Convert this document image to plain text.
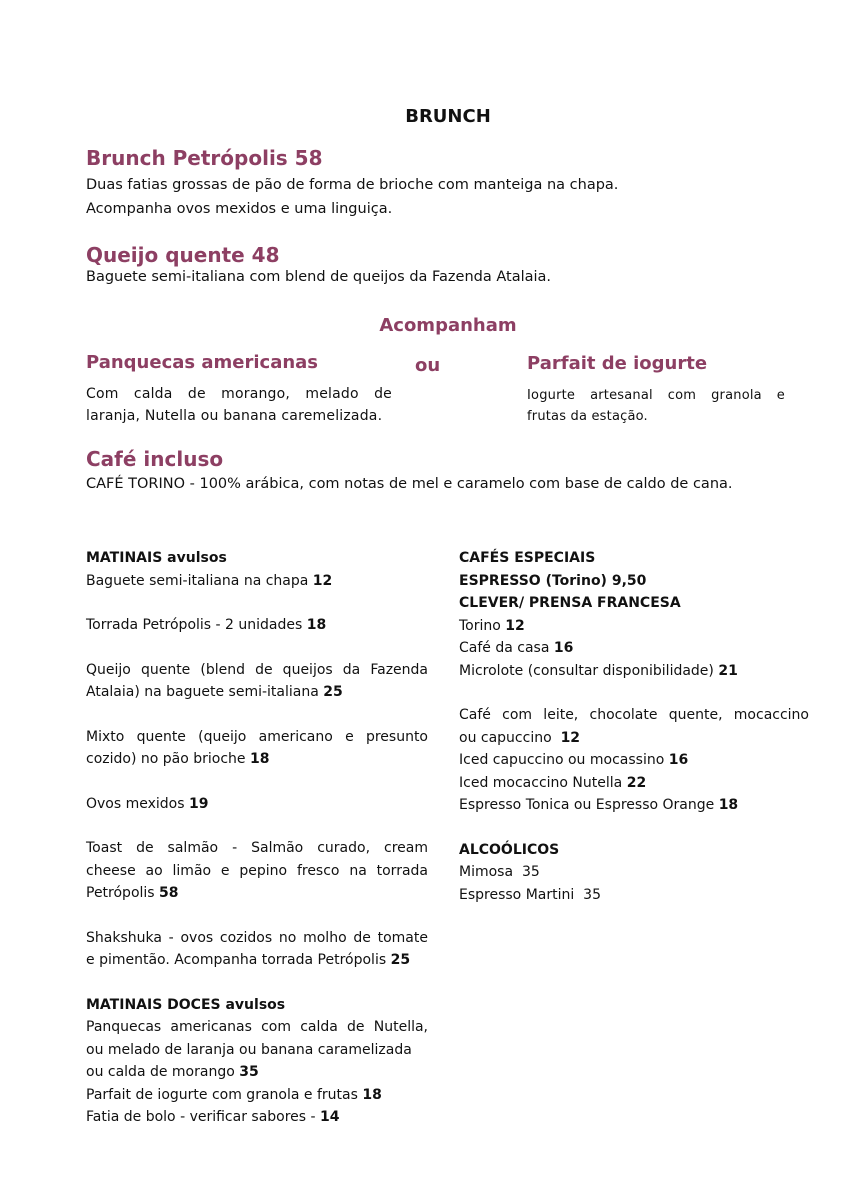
BRUNCH
Brunch Petrópolis 58
Duas fatias grossas de pão de forma de brioche com manteiga na chapa.
Acompanha ovos mexidos e uma linguiça.
Queijo quente 48
Baguete semi-italiana com blend de queijos da Fazenda Atalaia.
Acompanham
Panquecas americanas	ou	Parfait de iogurte
Com calda de morango, melado de
laranja, Nutella ou banana caremelizada.
Iogurte artesanal com granola e
frutas da estação.
Café incluso
CAFÉ TORINO - 100% arábica, com notas de mel e caramelo com base de caldo de cana.

MATINAIS avulsos

Baguete semi-italiana na chapa 12

Torrada Petrópolis - 2 unidades 18

Queijo quente (blend de queijos da Fazenda

Atalaia) na baguete semi-italiana 25

Mixto quente (queijo americano e presunto

cozido) no pão brioche 18

Ovos mexidos 19

Toast de salmão - Salmão curado, cream

cheese ao limão e pepino fresco na torrada

Petrópolis 58

Shakshuka - ovos cozidos no molho de tomate

e pimentão. Acompanha torrada Petrópolis 25

MATINAIS DOCES avulsos

Panquecas americanas com calda de Nutella,

ou melado de laranja ou banana caramelizada

ou calda de morango 35

Parfait de iogurte com granola e frutas 18

Fatia de bolo - verificar sabores - 14

CAFÉS ESPECIAIS

ESPRESSO (Torino) 9,50

CLEVER/ PRENSA FRANCESA

Torino 12

Café da casa 16

Microlote (consultar disponibilidade) 21

Café com leite, chocolate quente, mocaccino

ou capuccino 12

Iced capuccino ou mocassino 16

Iced mocaccino Nutella 22

Espresso Tonica ou Espresso Orange 18

ALCOÓLICOS

Mimosa 35

Espresso Martini 35
